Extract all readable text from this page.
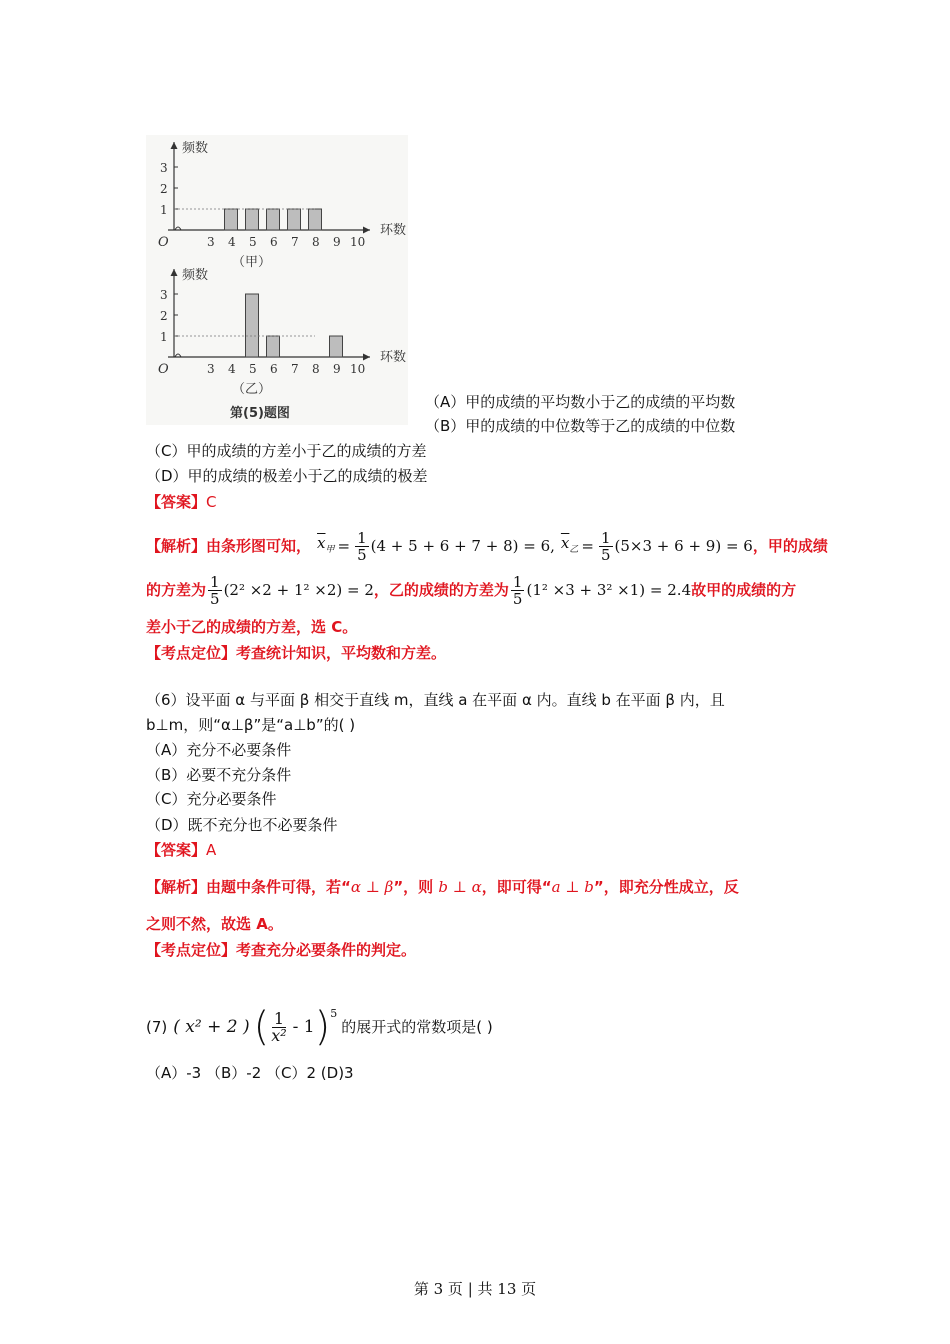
频数
环数
O
3
2
1
3 4 5 6 7 8 9 10
（甲）
频数
环数
O
3
2
1
3 4 5 6 7 8 9 10
（乙）
第(5)题图
（A）甲的成绩的平均数小于乙的成绩的平均数
（B）甲的成绩的中位数等于乙的成绩的中位数
（C）甲的成绩的方差小于乙的成绩的方差
（D）甲的成绩的极差小于乙的成绩的极差
【答案】C
【解析】 由条形图可知， $\overline{x}_甲 = \frac{1}{5} (4 + 5 + 6 + 7 + 8) = 6$, $\overline{x}_乙 = \frac{1}{5} (5\times 3 + 6 + 9) = 6$ ，甲的成绩
的方差为 $\frac{1}{5} (2^2 \times 2 + 1^2 \times 2) = 2$ ，乙的成绩的方差为 $\frac{1}{5} (1^2 \times 3 + 3^2 \times 1) = 2.4$ 故甲的成绩的方
差小于乙的成绩的方差，选 C。
【考点定位】考查统计知识，平均数和方差。
（6）设平面 α 与平面 β 相交于直线 m，直线 a 在平面 α 内。直线 b 在平面 β 内，且
b⊥m，则“α⊥β”是“a⊥b”的( )
（A）充分不必要条件
（B）必要不充分条件
（C）充分必要条件
（D）既不充分也不必要条件
【答案】A
【解析】由题中条件可得，若“α ⊥ β”，则 b ⊥ α，即可得“a ⊥ b”，即充分性成立，反
之则不然，故选 A。
【考点定位】考查充分必要条件的判定。
(7) ( x² + 2 ) ( $\frac{1}{\text{x²}} - 1$ ) 5
的展开式的常数项是( )
（A）-3 （B）-2 （C）2 (D)3
第 3 页 | 共 13 页
